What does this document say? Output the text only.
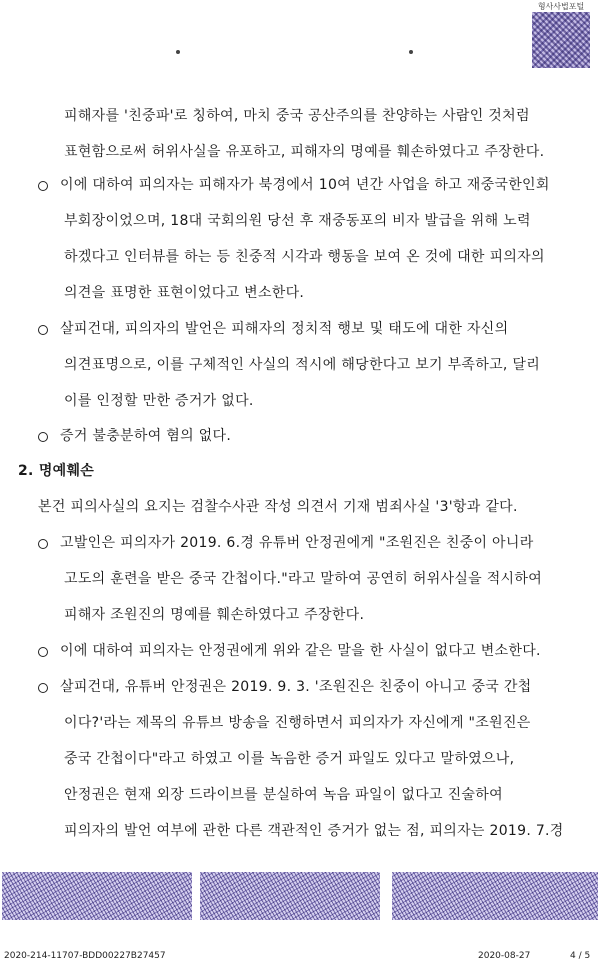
형사사법포털

피해자를 '친중파'로 칭하여, 마치 중국 공산주의를 찬양하는 사람인 것처럼

표현함으로써 허위사실을 유포하고, 피해자의 명예를 훼손하였다고 주장한다.

이에 대하여 피의자는 피해자가 북경에서 10여 년간 사업을 하고 재중국한인회

부회장이었으며, 18대 국회의원 당선 후 재중동포의 비자 발급을 위해 노력

하겠다고 인터뷰를 하는 등 친중적 시각과 행동을 보여 온 것에 대한 피의자의

의견을 표명한 표현이었다고 변소한다.

살피건대, 피의자의 발언은 피해자의 정치적 행보 및 태도에 대한 자신의

의견표명으로, 이를 구체적인 사실의 적시에 해당한다고 보기 부족하고, 달리

이를 인정할 만한 증거가 없다.

증거 불충분하여 혐의 없다.

2. 명예훼손

본건 피의사실의 요지는 검찰수사관 작성 의견서 기재 범죄사실 '3'항과 같다.

고발인은 피의자가 2019. 6.경 유튜버 안정권에게 "조원진은 친중이 아니라

고도의 훈련을 받은 중국 간첩이다."라고 말하여 공연히 허위사실을 적시하여

피해자 조원진의 명예를 훼손하였다고 주장한다.

이에 대하여 피의자는 안정권에게 위와 같은 말을 한 사실이 없다고 변소한다.

살피건대, 유튜버 안정권은 2019. 9. 3. '조원진은 친중이 아니고 중국 간첩

이다?'라는 제목의 유튜브 방송을 진행하면서 피의자가 자신에게 "조원진은

중국 간첩이다"라고 하였고 이를 녹음한 증거 파일도 있다고 말하였으나,

안정권은 현재 외장 드라이브를 분실하여 녹음 파일이 없다고 진술하여

피의자의 발언 여부에 관한 다른 객관적인 증거가 없는 점, 피의자는 2019. 7.경

2020-214-11707-BDD00227B27457	2020-08-27	4 / 5
